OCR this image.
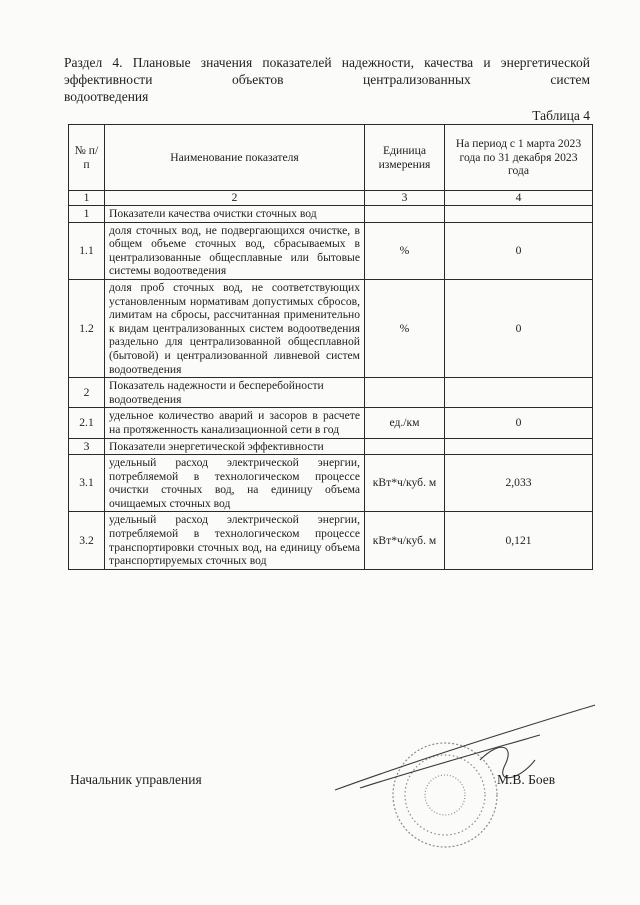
Раздел 4. Плановые значения показателей надежности, качества и энергетической эффективности объектов централизованных систем
водоотведения
Таблица 4
№ п/п	Наименование показателя	Единица измерения	На период с 1 марта 2023 года по 31 декабря 2023 года
1	2	3	4
1	Показатели качества очистки сточных вод		
1.1	доля сточных вод, не подвергающихся очистке, в общем объеме сточных вод, сбрасываемых в централизованные общесплавные или бытовые системы водоотведения	%	0
1.2	доля проб сточных вод, не соответствующих установленным нормативам допустимых сбросов, лимитам на сбросы, рассчитанная применительно к видам централизованных систем водоотведения раздельно для централизованной общесплавной (бытовой) и централизованной ливневой систем водоотведения	%	0
2	Показатель надежности и бесперебойности водоотведения		
2.1	удельное количество аварий и засоров в расчете на протяженность канализационной сети в год	ед./км	0
3	Показатели энергетической эффективности		
3.1	удельный расход электрической энергии, потребляемой в технологическом процессе очистки сточных вод, на единицу объема очищаемых сточных вод	кВт*ч/куб. м	2,033
3.2	удельный расход электрической энергии, потребляемой в технологическом процессе транспортировки сточных вод, на единицу объема транспортируемых сточных вод	кВт*ч/куб. м	0,121
Начальник управления	М.В. Боев
